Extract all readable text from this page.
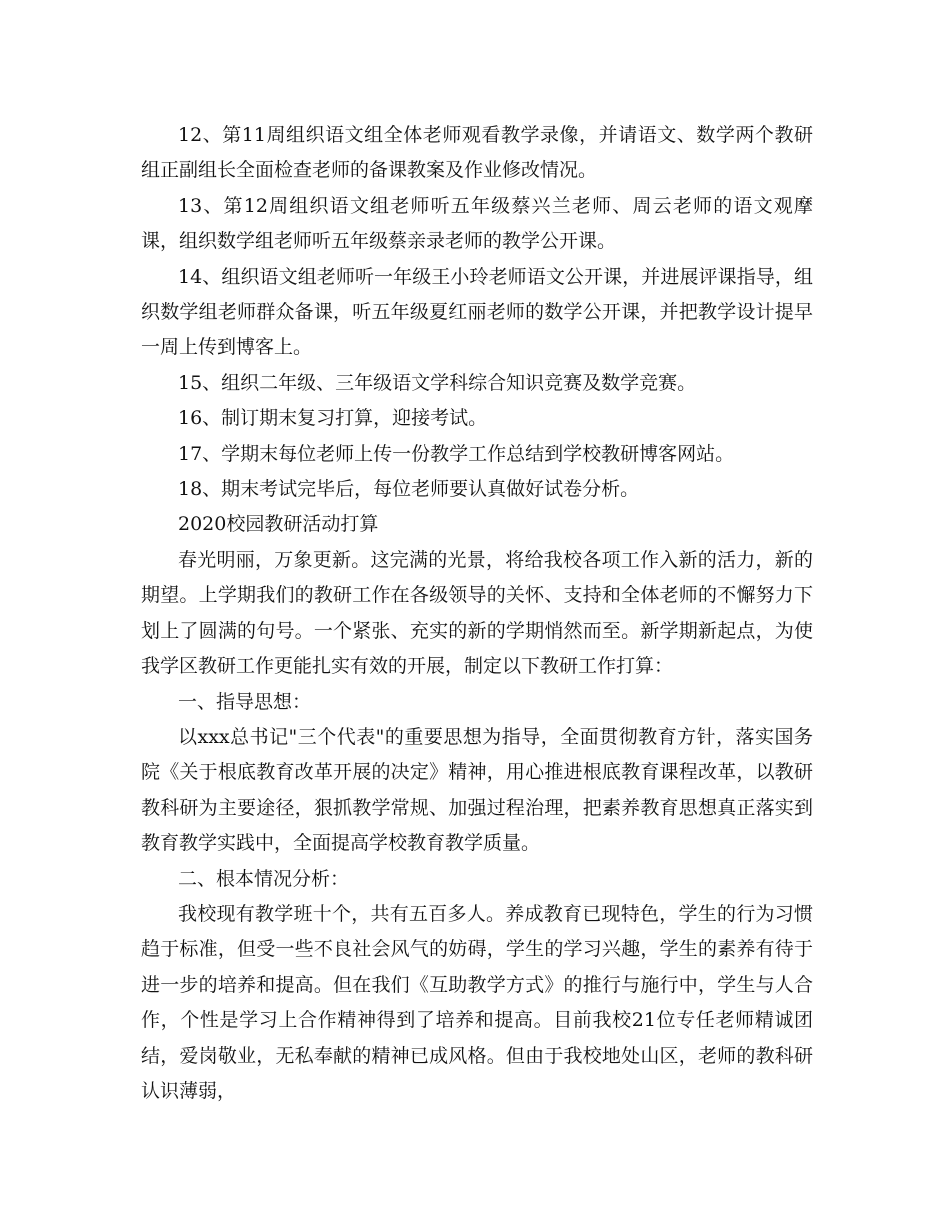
12、第11周组织语文组全体老师观看教学录像，并请语文、数学两个教研组正副组长全面检查老师的备课教案及作业修改情况。

13、第12周组织语文组老师听五年级蔡兴兰老师、周云老师的语文观摩课，组织数学组老师听五年级蔡亲录老师的教学公开课。

14、组织语文组老师听一年级王小玲老师语文公开课，并进展评课指导，组织数学组老师群众备课，听五年级夏红丽老师的数学公开课，并把教学设计提早一周上传到博客上。

15、组织二年级、三年级语文学科综合知识竞赛及数学竞赛。

16、制订期末复习打算，迎接考试。

17、学期末每位老师上传一份教学工作总结到学校教研博客网站。

18、期末考试完毕后，每位老师要认真做好试卷分析。

2020校园教研活动打算

春光明丽，万象更新。这完满的光景，将给我校各项工作入新的活力，新的期望。上学期我们的教研工作在各级领导的关怀、支持和全体老师的不懈努力下划上了圆满的句号。一个紧张、充实的新的学期悄然而至。新学期新起点，为使我学区教研工作更能扎实有效的开展，制定以下教研工作打算：

一、指导思想：

以xxx总书记"三个代表"的重要思想为指导，全面贯彻教育方针，落实国务院《关于根底教育改革开展的决定》精神，用心推进根底教育课程改革，以教研教科研为主要途径，狠抓教学常规、加强过程治理，把素养教育思想真正落实到教育教学实践中，全面提高学校教育教学质量。

二、根本情况分析：

我校现有教学班十个，共有五百多人。养成教育已现特色，学生的行为习惯趋于标准，但受一些不良社会风气的妨碍，学生的学习兴趣，学生的素养有待于进一步的培养和提高。但在我们《互助教学方式》的推行与施行中，学生与人合作，个性是学习上合作精神得到了培养和提高。目前我校21位专任老师精诚团结，爱岗敬业，无私奉献的精神已成风格。但由于我校地处山区，老师的教科研认识薄弱，
